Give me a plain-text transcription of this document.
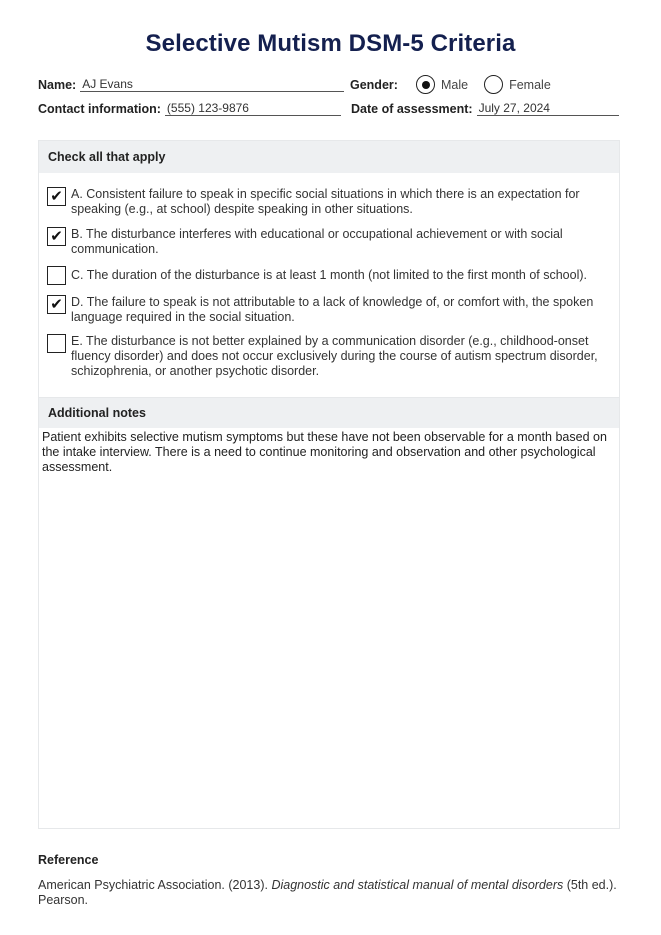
Selective Mutism DSM-5 Criteria
Name: AJ Evans	Gender:	Male	Female
Contact information: (555) 123-9876	Date of assessment: July 27, 2024
Check all that apply
✔ A. Consistent failure to speak in specific social situations in which there is an expectation for speaking (e.g., at school) despite speaking in other situations.
✔ B. The disturbance interferes with educational or occupational achievement or with social communication.
C. The duration of the disturbance is at least 1 month (not limited to the first month of school).
✔ D. The failure to speak is not attributable to a lack of knowledge of, or comfort with, the spoken language required in the social situation.
E. The disturbance is not better explained by a communication disorder (e.g., childhood-onset fluency disorder) and does not occur exclusively during the course of autism spectrum disorder, schizophrenia, or another psychotic disorder.
Additional notes
Patient exhibits selective mutism symptoms but these have not been observable for a month based on the intake interview. There is a need to continue monitoring and observation and other psychological assessment.
Reference
American Psychiatric Association. (2013). Diagnostic and statistical manual of mental disorders (5th ed.). Pearson.
